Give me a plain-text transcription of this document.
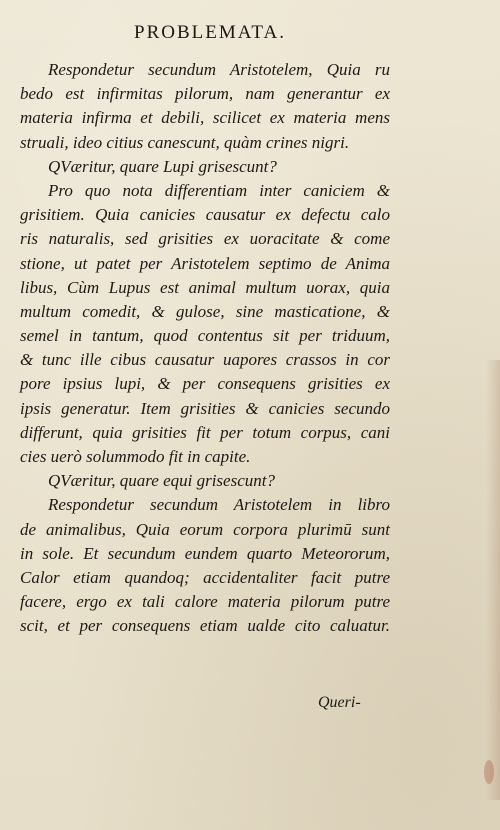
PROBLEMATA.
Respondetur secundum Aristotelem, Quia ru
bedo est infirmitas pilorum, nam generantur ex
materia infirma et debili, scilicet ex materia mens
struali, ideo citius canescunt, quàm crines nigri.
QVæritur, quare Lupi grisescunt?
Pro quo nota differentiam inter caniciem &
grisitiem. Quia canicies causatur ex defectu calo
ris naturalis, sed grisities ex uoracitate & come
stione, ut patet per Aristotelem septimo de Anima
libus, Cùm Lupus est animal multum uorax, quia
multum comedit, & gulose, sine masticatione, &
semel in tantum, quod contentus sit per triduum,
& tunc ille cibus causatur uapores crassos in cor
pore ipsius lupi, & per consequens grisities ex
ipsis generatur. Item grisities & canicies secundo
differunt, quia grisities fit per totum corpus, cani
cies uerò solummodo fit in capite.
QVæritur, quare equi grisescunt?
Respondetur secundum Aristotelem in libro
de animalibus, Quia eorum corpora plurimū sunt
in sole. Et secundum eundem quarto Meteororum,
Calor etiam quandoq; accidentaliter facit putre
facere, ergo ex tali calore materia pilorum putre
scit, et per consequens etiam ualde cito caluatur.
Queri-
